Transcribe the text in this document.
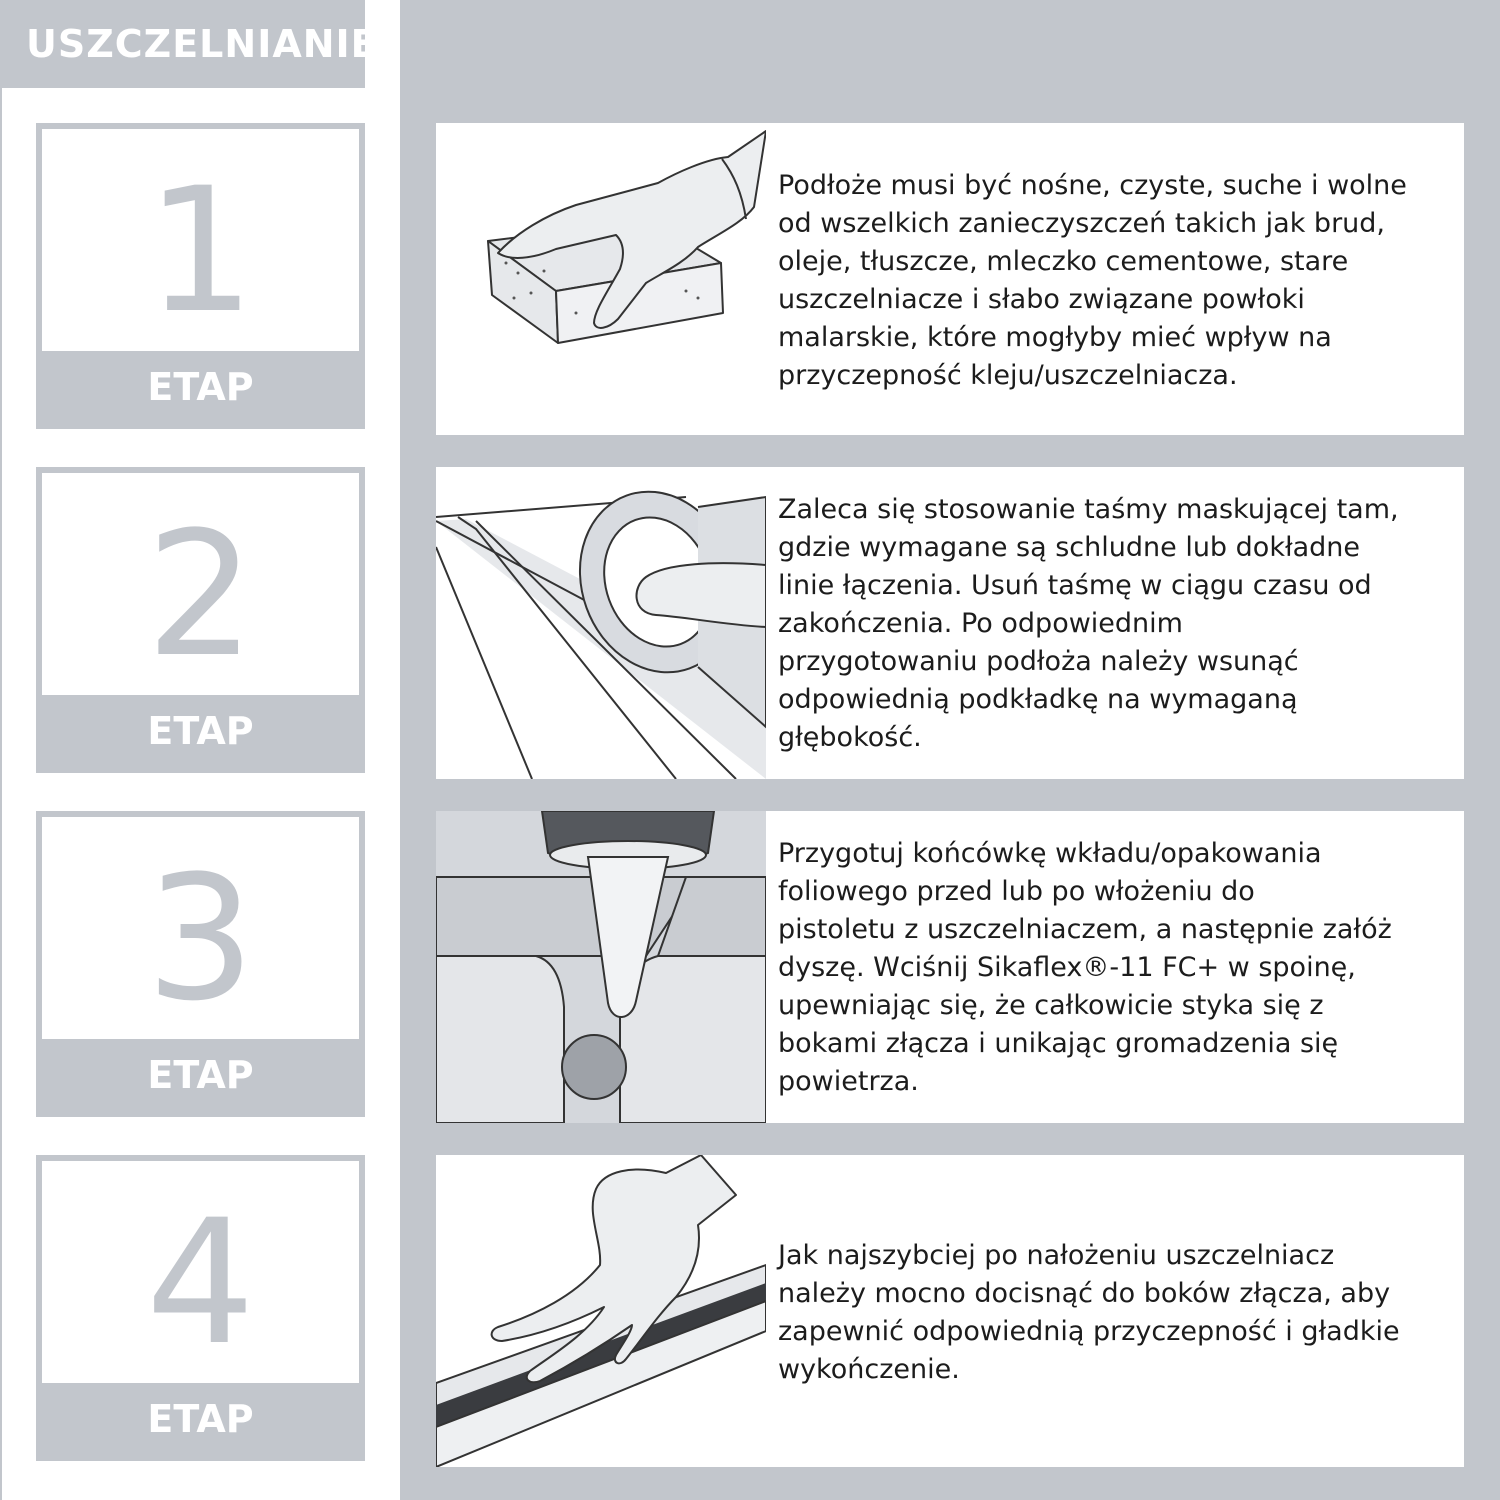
USZCZELNIANIE
1
ETAP
Podłoże musi być nośne, czyste, suche i wolne
od wszelkich zanieczyszczeń takich jak brud,
oleje, tłuszcze, mleczko cementowe, stare
uszczelniacze i słabo związane powłoki
malarskie, które mogłyby mieć wpływ na
przyczepność kleju/uszczelniacza.
2
ETAP
Zaleca się stosowanie taśmy maskującej tam,
gdzie wymagane są schludne lub dokładne
linie łączenia. Usuń taśmę w ciągu czasu od
zakończenia. Po odpowiednim
przygotowaniu podłoża należy wsunąć
odpowiednią podkładkę na wymaganą
głębokość.
3
ETAP
Przygotuj końcówkę wkładu/opakowania
foliowego przed lub po włożeniu do
pistoletu z uszczelniaczem, a następnie załóż
dyszę. Wciśnij Sikaflex®-11 FC+ w spoinę,
upewniając się, że całkowicie styka się z
bokami złącza i unikając gromadzenia się
powietrza.
4
ETAP
Jak najszybciej po nałożeniu uszczelniacz
należy mocno docisnąć do boków złącza, aby
zapewnić odpowiednią przyczepność i gładkie
wykończenie.
